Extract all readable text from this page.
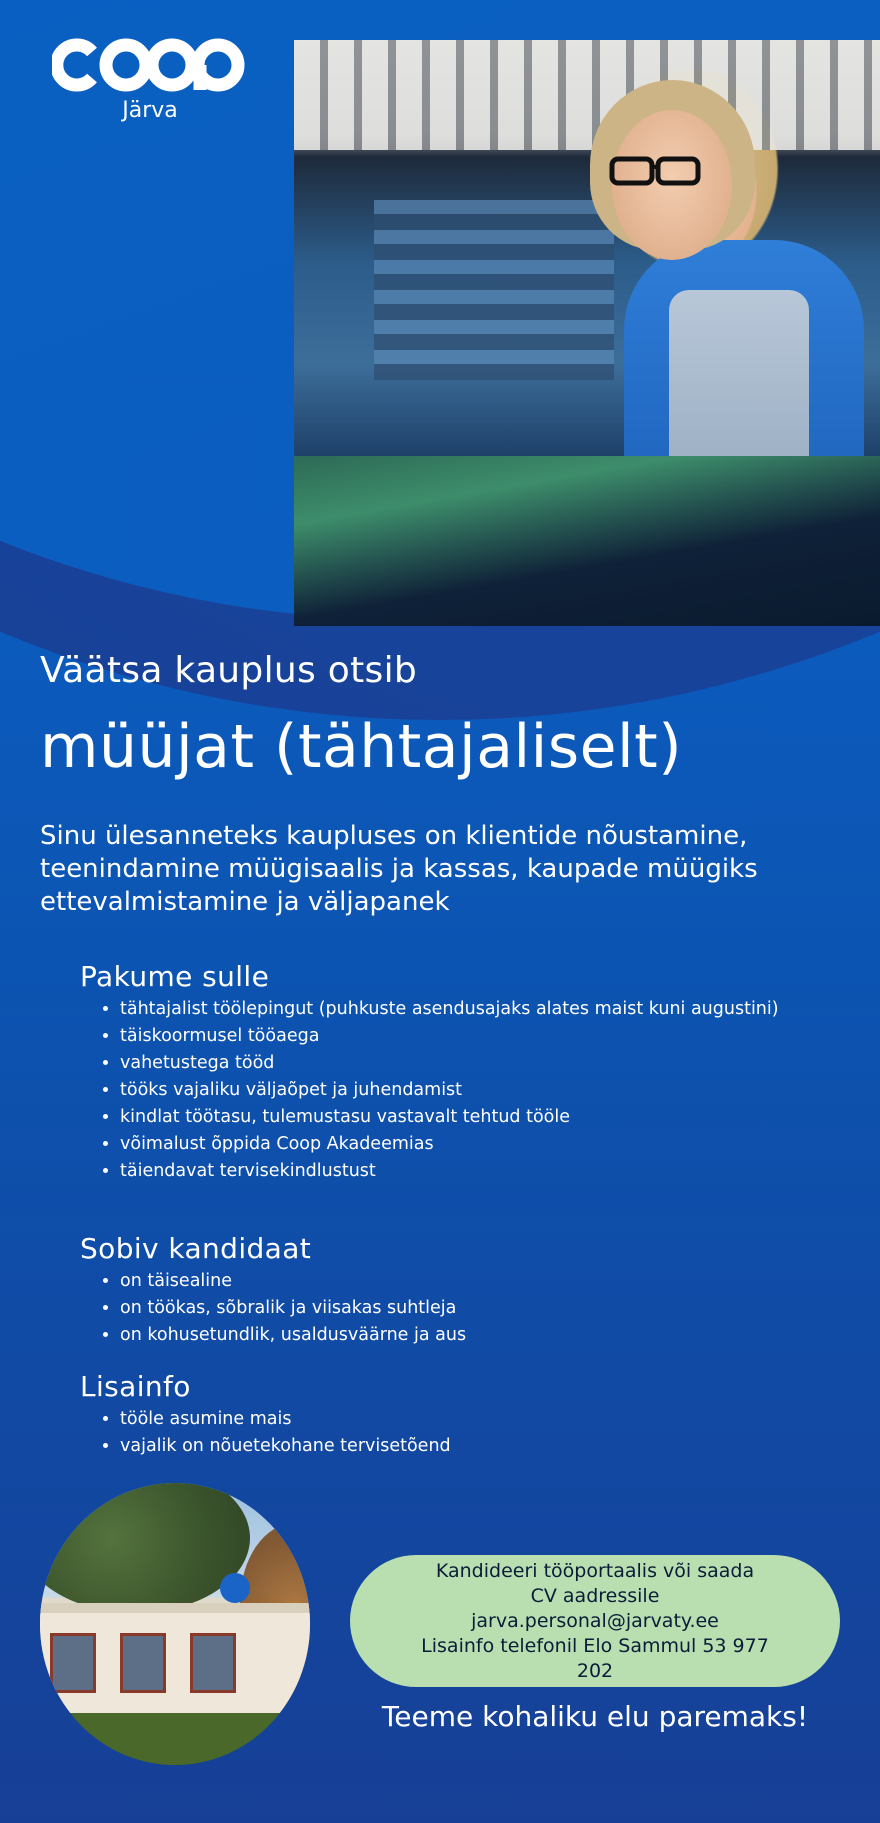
Järva
Väätsa kauplus otsib
müüjat (tähtajaliselt)
Sinu ülesanneteks kaupluses on klientide nõustamine, teenindamine müügisaalis ja kassas, kaupade müügiks ettevalmistamine ja väljapanek
Pakume sulle
• tähtajalist töölepingut (puhkuste asendusajaks alates maist kuni augustini)
• täiskoormusel tööaega
• vahetustega tööd
• tööks vajaliku väljaõpet ja juhendamist
• kindlat töötasu, tulemustasu vastavalt tehtud tööle
• võimalust õppida Coop Akadeemias
• täiendavat tervisekindlustust
Sobiv kandidaat
• on täisealine
• on töökas, sõbralik ja viisakas suhtleja
• on kohusetundlik, usaldusväärne ja aus
Lisainfo
• tööle asumine mais
• vajalik on nõuetekohane tervisetõend
Kandideeri tööportaalis või saada
CV aadressile
jarva.personal@jarvaty.ee
Lisainfo telefonil Elo Sammul 53 977
202
Teeme kohaliku elu paremaks!
